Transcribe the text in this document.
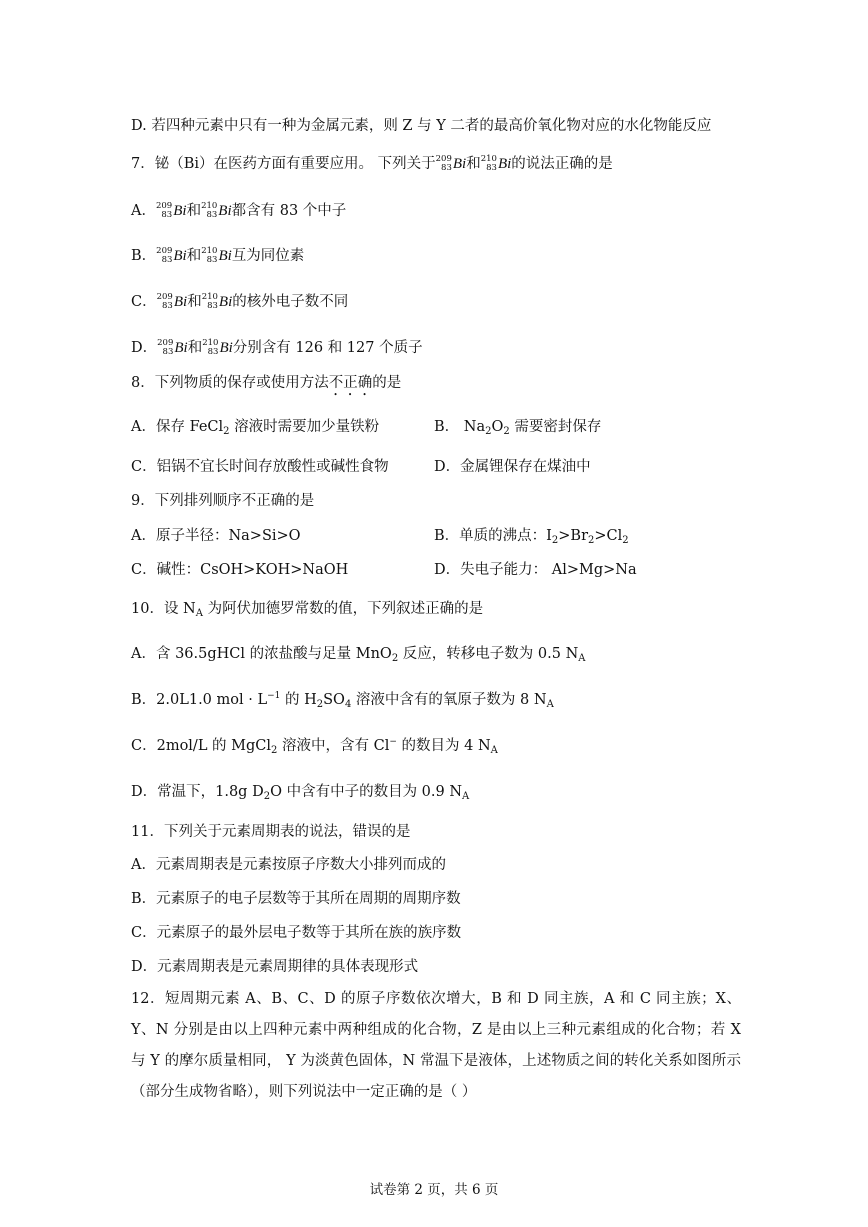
D. 若四种元素中只有一种为金属元素，则 Z 与 Y 二者的最高价氧化物对应的水化物能反应
7．铋（Bi）在医药方面有重要应用。 下列关于 209
83 Bi和 210
83 Bi的说法正确的是
A． 209
83 Bi和 210
83 Bi都含有 83 个中子
B． 209
83 Bi和 210
83 Bi互为同位素
C． 209
83 Bi和 210
83 Bi的核外电子数不同
D． 209
83 Bi和 210
83 Bi分别含有 126 和 127 个质子
8．下列物质的保存或使用方法不正确的是
A．保存 FeCl$_2$ 溶液时需要加少量铁粉	B． $Na_2O_2$ 需要密封保存
C．铝锅不宜长时间存放酸性或碱性食物	D．金属锂保存在煤油中
9．下列排列顺序不正确的是
A．原子半径：Na>Si>O	B．单质的沸点：$I_2>Br_2>Cl_2$
C．碱性：CsOH>KOH>NaOH	D．失电子能力： Al>Mg>Na
10．设 $N_A$ 为阿伏加德罗常数的值，下列叙述正确的是
A．含 36.5gHCl 的浓盐酸与足量 MnO$_2$ 反应，转移电子数为 0.5 $N_A$
B．2.0L1.0 mol · $L^{-1}$ 的 $H_2SO_4$ 溶液中含有的氧原子数为 8 $N_A$
C．2mol/L 的 MgCl$_2$ 溶液中，含有 Cl− 的数目为 4 $N_A$
D．常温下，1.8g $D_2O$ 中含有中子的数目为 0.9 $N_A$
11．下列关于元素周期表的说法，错误的是
A．元素周期表是元素按原子序数大小排列而成的
B．元素原子的电子层数等于其所在周期的周期序数
C．元素原子的最外层电子数等于其所在族的族序数
D．元素周期表是元素周期律的具体表现形式
12．短周期元素 A、B、C、D 的原子序数依次增大，B 和 D 同主族，A 和 C 同主族；X、Y、N 分别是由以上四种元素中两种组成的化合物，Z 是由以上三种元素组成的化合物；若 X 与 Y 的摩尔质量相同， Y 为淡黄色固体，N 常温下是液体，上述物质之间的转化关系如图所示（部分生成物省略），则下列说法中一定正确的是（ ）
试卷第 2 页，共 6 页
